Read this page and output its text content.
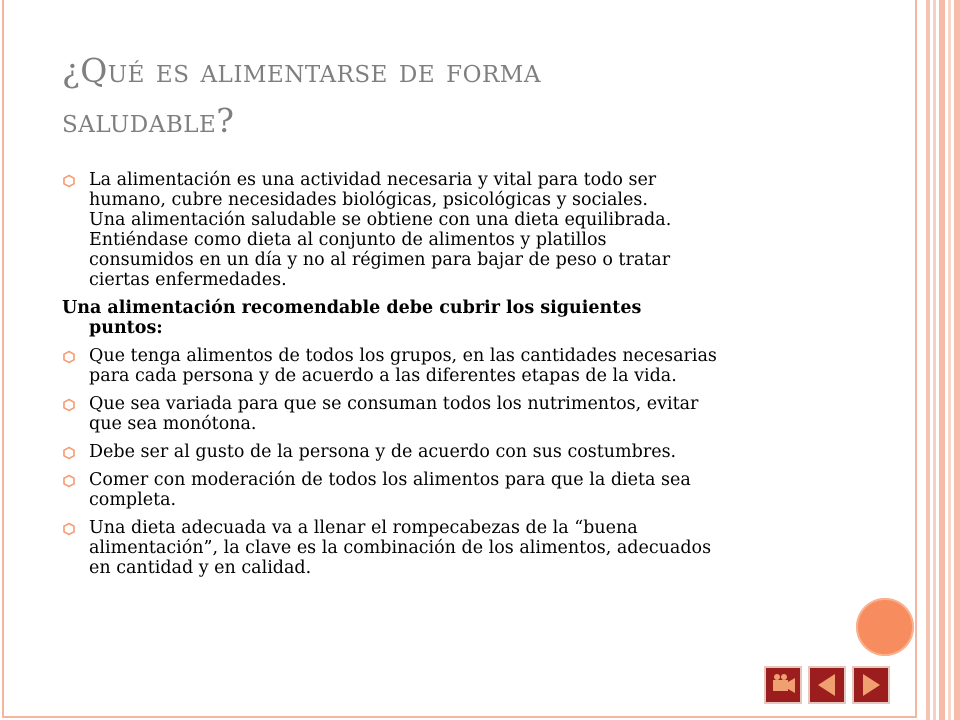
¿Qué es alimentarse de forma
saludable?
La alimentación es una actividad necesaria y vital para todo ser
humano, cubre necesidades biológicas, psicológicas y sociales.
Una alimentación saludable se obtiene con una dieta equilibrada.
Entiéndase como dieta al conjunto de alimentos y platillos
consumidos en un día y no al régimen para bajar de peso o tratar
ciertas enfermedades.
Una alimentación recomendable debe cubrir los siguientes
puntos:
Que tenga alimentos de todos los grupos, en las cantidades necesarias
para cada persona y de acuerdo a las diferentes etapas de la vida.
Que sea variada para que se consuman todos los nutrimentos, evitar
que sea monótona.
Debe ser al gusto de la persona y de acuerdo con sus costumbres.
Comer con moderación de todos los alimentos para que la dieta sea
completa.
Una dieta adecuada va a llenar el rompecabezas de la “buena
alimentación”, la clave es la combinación de los alimentos, adecuados
en cantidad y en calidad.
